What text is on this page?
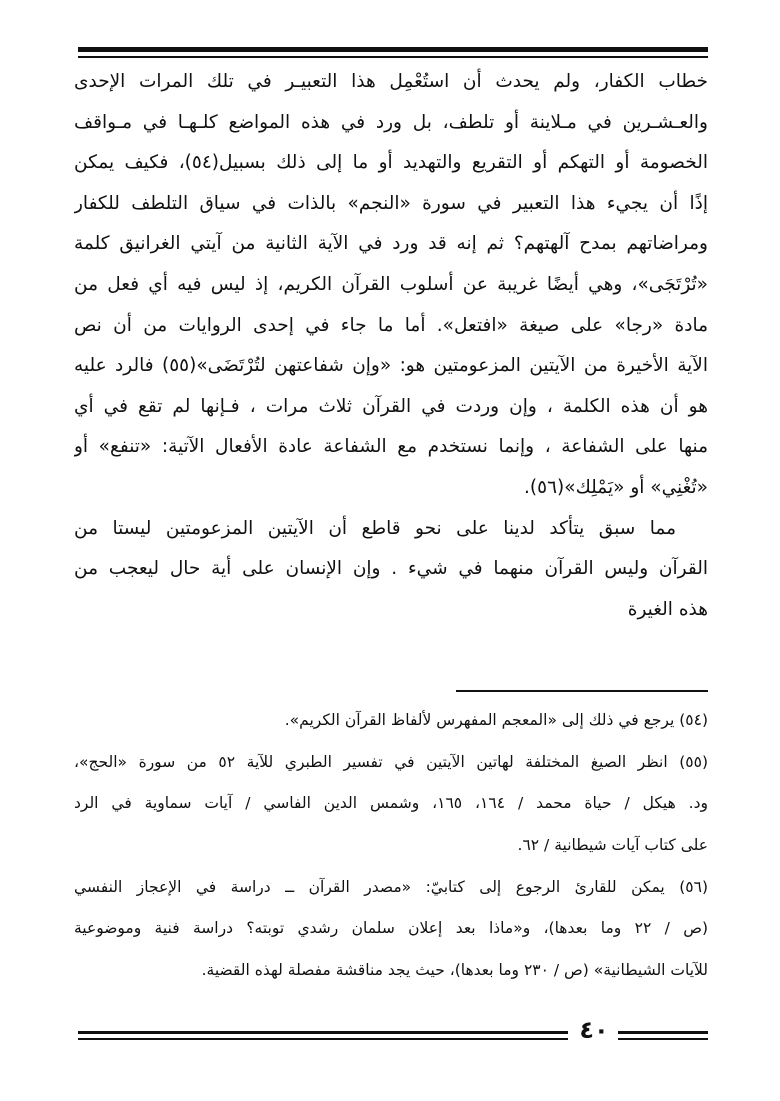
خطاب الكفار، ولم يحدث أن استُعْمِل هذا التعبيـر في تلك المرات الإحدى
والعـشـرين في مـلاينة أو تلطف، بل ورد في هذه المواضع كلـهـا في مـواقف
الخصومة أو التهكم أو التقريع والتهديد أو ما إلى ذلك بسبيل(٥٤)، فكيف يمكن
إذًا أن يجيء هذا التعبير في سورة «النجم» بالذات في سياق التلطف للكفار
ومراضاتهم بمدح آلهتهم؟ ثم إنه قد ورد في الآية الثانية من آيتي الغرانيق كلمة
«تُرْتَجَى»، وهي أيضًا غريبة عن أسلوب القرآن الكريم، إذ ليس فيه أي فعل من
مادة «رجا» على صيغة «افتعل». أما ما جاء في إحدى الروايات من أن نص
الآية الأخيرة من الآيتين المزعومتين هو: «وإن شفاعتهن لتُرْتَضَى»(٥٥) فالرد عليه
هو أن هذه الكلمة ، وإن وردت في القرآن ثلاث مرات ، فـإنها لم تقع في أي
منها على الشفاعة ، وإنما نستخدم مع الشفاعة عادة الأفعال الآتية: «تنفع» أو
«تُغْنِي» أو «يَمْلِك»(٥٦).
مما سبق يتأكد لدينا على نحو قاطع أن الآيتين المزعومتين ليستا من
القرآن وليس القرآن منهما في شيء . وإن الإنسان على أية حال ليعجب من
هذه الغيرة
(٥٤) يرجع في ذلك إلى «المعجم المفهرس لألفاظ القرآن الكريم».
(٥٥) انظر الصيغ المختلفة لهاتين الآيتين في تفسير الطبري للآية ٥٢ من سورة «الحج»،
ود. هيكل / حياة محمد / ١٦٤، ١٦٥، وشمس الدين الفاسي / آيات سماوية في الرد
على كتاب آيات شيطانية / ٦٢.
(٥٦) يمكن للقارئ الرجوع إلى كتابيّ: «مصدر القرآن ــ دراسة في الإعجاز النفسي
(ص / ٢٢ وما بعدها)، و«ماذا بعد إعلان سلمان رشدي توبته؟ دراسة فنية وموضوعية
للآيات الشيطانية» (ص / ٢٣٠ وما بعدها)، حيث يجد مناقشة مفصلة لهذه القضية.
٤٠
